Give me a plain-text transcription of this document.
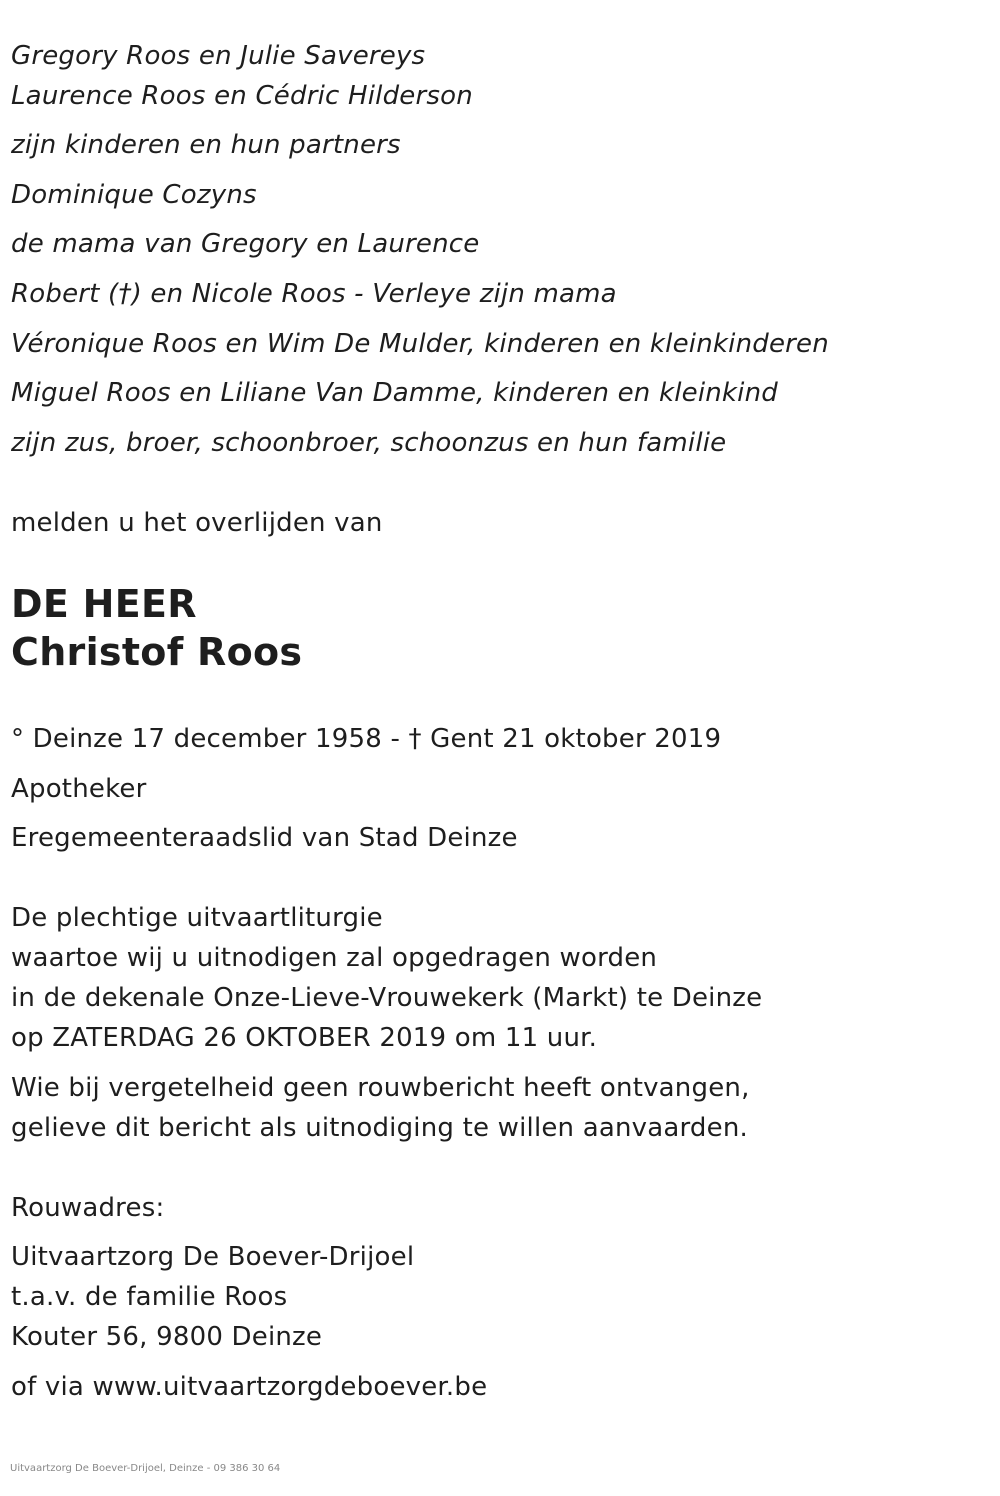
Gregory Roos en Julie Savereys
Laurence Roos en Cédric Hilderson
zijn kinderen en hun partners
Dominique Cozyns
de mama van Gregory en Laurence
Robert (†) en Nicole Roos - Verleye zijn mama
Véronique Roos en Wim De Mulder, kinderen en kleinkinderen
Miguel Roos en Liliane Van Damme, kinderen en kleinkind
zijn zus, broer, schoonbroer, schoonzus en hun familie
melden u het overlijden van
DE HEER
Christof Roos
° Deinze 17 december 1958 - † Gent 21 oktober 2019
Apotheker
Eregemeenteraadslid van Stad Deinze
De plechtige uitvaartliturgie
waartoe wij u uitnodigen zal opgedragen worden
in de dekenale Onze-Lieve-Vrouwekerk (Markt) te Deinze
op ZATERDAG 26 OKTOBER 2019 om 11 uur.
Wie bij vergetelheid geen rouwbericht heeft ontvangen,
gelieve dit bericht als uitnodiging te willen aanvaarden.
Rouwadres:
Uitvaartzorg De Boever-Drijoel
t.a.v. de familie Roos
Kouter 56, 9800 Deinze
of via www.uitvaartzorgdeboever.be
Uitvaartzorg De Boever-Drijoel, Deinze - 09 386 30 64
